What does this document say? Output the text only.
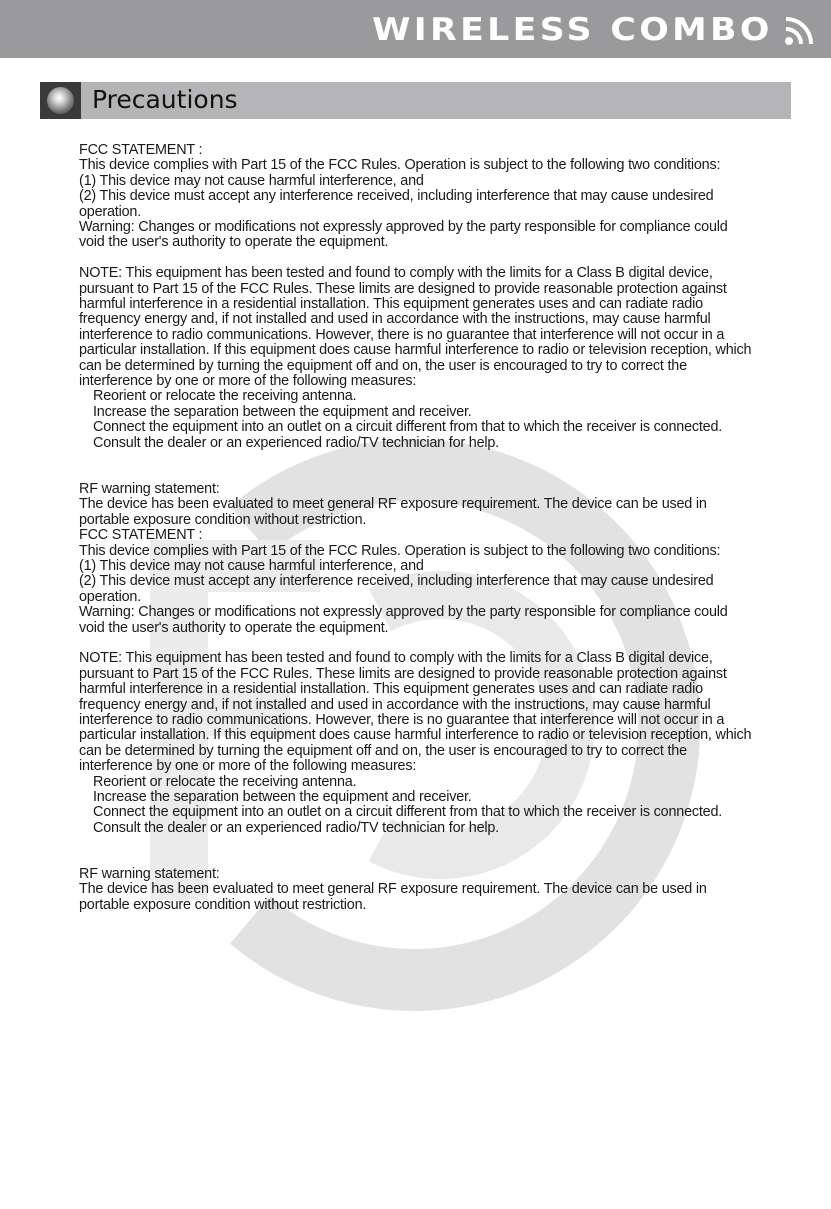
WIRELESS COMBO
Precautions

FCC STATEMENT :

This device complies with Part 15 of the FCC Rules. Operation is subject to the following two conditions:

(1) This device may not cause harmful interference, and

(2) This device must accept any interference received, including interference that may cause undesired

operation.

Warning: Changes or modifications not expressly approved by the party responsible for compliance could

void the user's authority to operate the equipment.

NOTE: This equipment has been tested and found to comply with the limits for a Class B digital device,

pursuant to Part 15 of the FCC Rules. These limits are designed to provide reasonable protection against

harmful interference in a residential installation. This equipment generates uses and can radiate radio

frequency energy and, if not installed and used in accordance with the instructions, may cause harmful

interference to radio communications. However, there is no guarantee that interference will not occur in a

particular installation. If this equipment does cause harmful interference to radio or television reception, which

can be determined by turning the equipment off and on, the user is encouraged to try to correct the

interference by one or more of the following measures:

Reorient or relocate the receiving antenna.

Increase the separation between the equipment and receiver.

Connect the equipment into an outlet on a circuit different from that to which the receiver is connected.

Consult the dealer or an experienced radio/TV technician for help.

RF warning statement:

The device has been evaluated to meet general RF exposure requirement. The device can be used in

portable exposure condition without restriction.

FCC STATEMENT :

This device complies with Part 15 of the FCC Rules. Operation is subject to the following two conditions:

(1) This device may not cause harmful interference, and

(2) This device must accept any interference received, including interference that may cause undesired

operation.

Warning: Changes or modifications not expressly approved by the party responsible for compliance could

void the user's authority to operate the equipment.

NOTE: This equipment has been tested and found to comply with the limits for a Class B digital device,

pursuant to Part 15 of the FCC Rules. These limits are designed to provide reasonable protection against

harmful interference in a residential installation. This equipment generates uses and can radiate radio

frequency energy and, if not installed and used in accordance with the instructions, may cause harmful

interference to radio communications. However, there is no guarantee that interference will not occur in a

particular installation. If this equipment does cause harmful interference to radio or television reception, which

can be determined by turning the equipment off and on, the user is encouraged to try to correct the

interference by one or more of the following measures:

Reorient or relocate the receiving antenna.

Increase the separation between the equipment and receiver.

Connect the equipment into an outlet on a circuit different from that to which the receiver is connected.

Consult the dealer or an experienced radio/TV technician for help.

RF warning statement:

The device has been evaluated to meet general RF exposure requirement. The device can be used in

portable exposure condition without restriction.
